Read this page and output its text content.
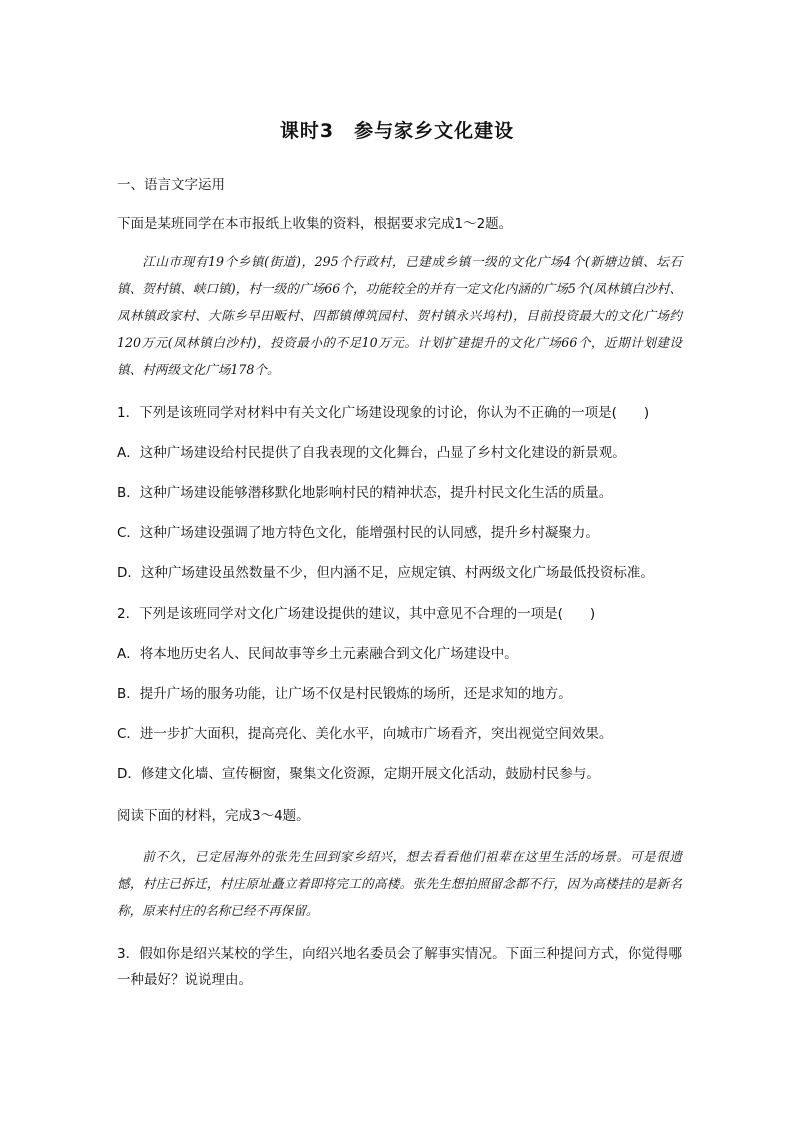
课时3　参与家乡文化建设
一、语言文字运用
下面是某班同学在本市报纸上收集的资料，根据要求完成1～2题。

江山市现有19个乡镇(街道)，295个行政村，已建成乡镇一级的文化广场4个(新塘边镇、坛石镇、贺村镇、峡口镇)，村一级的广场66个，功能较全的并有一定文化内涵的广场5个(凤林镇白沙村、凤林镇政家村、大陈乡早田畈村、四都镇傅筑园村、贺村镇永兴坞村)，目前投资最大的文化广场约120万元(凤林镇白沙村)，投资最小的不足10万元。计划扩建提升的文化广场66个，近期计划建设镇、村两级文化广场178个。

1．下列是该班同学对材料中有关文化广场建设现象的讨论，你认为不正确的一项是(　　)
A．这种广场建设给村民提供了自我表现的文化舞台，凸显了乡村文化建设的新景观。
B．这种广场建设能够潜移默化地影响村民的精神状态，提升村民文化生活的质量。
C．这种广场建设强调了地方特色文化，能增强村民的认同感，提升乡村凝聚力。
D．这种广场建设虽然数量不少，但内涵不足，应规定镇、村两级文化广场最低投资标准。
2．下列是该班同学对文化广场建设提供的建议，其中意见不合理的一项是(　　)
A．将本地历史名人、民间故事等乡土元素融合到文化广场建设中。
B．提升广场的服务功能，让广场不仅是村民锻炼的场所，还是求知的地方。
C．进一步扩大面积，提高亮化、美化水平，向城市广场看齐，突出视觉空间效果。
D．修建文化墙、宣传橱窗，聚集文化资源，定期开展文化活动，鼓励村民参与。
阅读下面的材料，完成3～4题。

前不久，已定居海外的张先生回到家乡绍兴，想去看看他们祖辈在这里生活的场景。可是很遗憾，村庄已拆迁，村庄原址矗立着即将完工的高楼。张先生想拍照留念都不行，因为高楼挂的是新名称，原来村庄的名称已经不再保留。

3．假如你是绍兴某校的学生，向绍兴地名委员会了解事实情况。下面三种提问方式，你觉得哪一种最好？说说理由。
